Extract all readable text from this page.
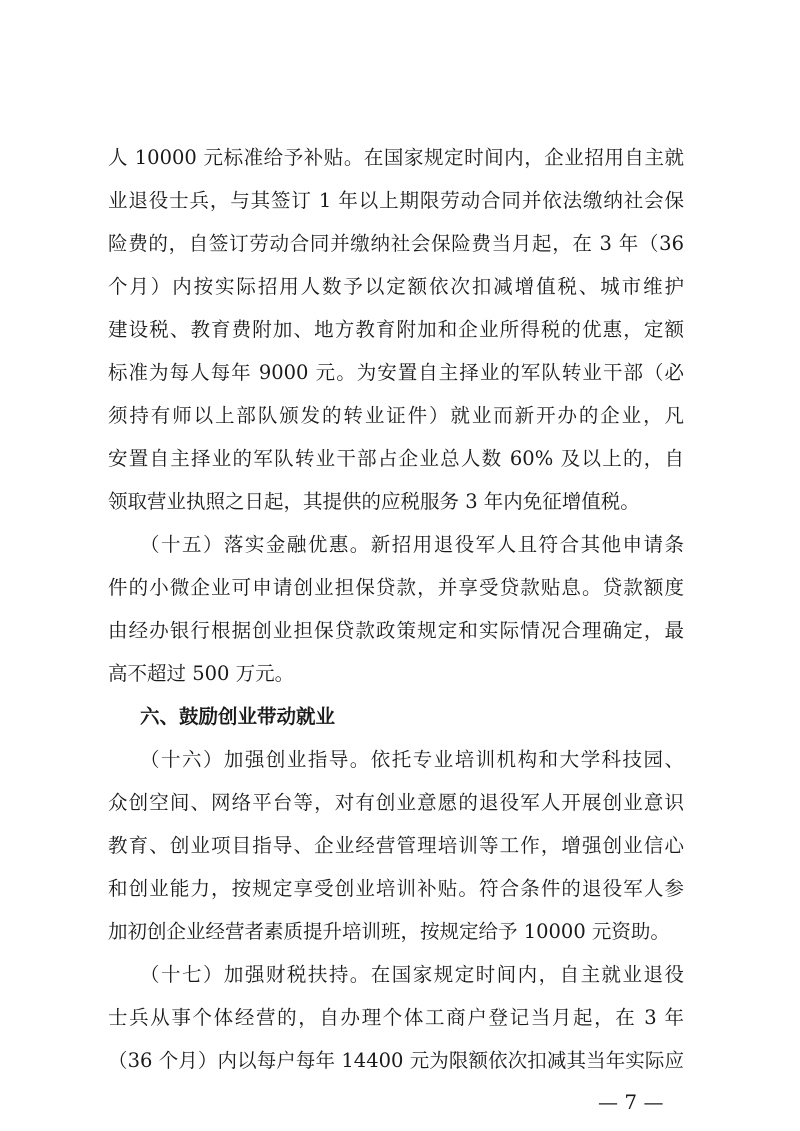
人 10000 元标准给予补贴。在国家规定时间内，企业招用自主就
业退役士兵，与其签订 1 年以上期限劳动合同并依法缴纳社会保
险费的，自签订劳动合同并缴纳社会保险费当月起，在 3 年（36
个月）内按实际招用人数予以定额依次扣减增值税、城市维护
建设税、教育费附加、地方教育附加和企业所得税的优惠，定额
标准为每人每年 9000 元。为安置自主择业的军队转业干部（必
须持有师以上部队颁发的转业证件）就业而新开办的企业，凡
安置自主择业的军队转业干部占企业总人数 60% 及以上的，自
领取营业执照之日起，其提供的应税服务 3 年内免征增值税。
（十五）落实金融优惠。新招用退役军人且符合其他申请条
件的小微企业可申请创业担保贷款，并享受贷款贴息。贷款额度
由经办银行根据创业担保贷款政策规定和实际情况合理确定，最
高不超过 500 万元。
六、鼓励创业带动就业
（十六）加强创业指导。依托专业培训机构和大学科技园、
众创空间、网络平台等，对有创业意愿的退役军人开展创业意识
教育、创业项目指导、企业经营管理培训等工作，增强创业信心
和创业能力，按规定享受创业培训补贴。符合条件的退役军人参
加初创企业经营者素质提升培训班，按规定给予 10000 元资助。
（十七）加强财税扶持。在国家规定时间内，自主就业退役
士兵从事个体经营的，自办理个体工商户登记当月起，在 3 年
（36 个月）内以每户每年 14400 元为限额依次扣减其当年实际应
— 7 —
